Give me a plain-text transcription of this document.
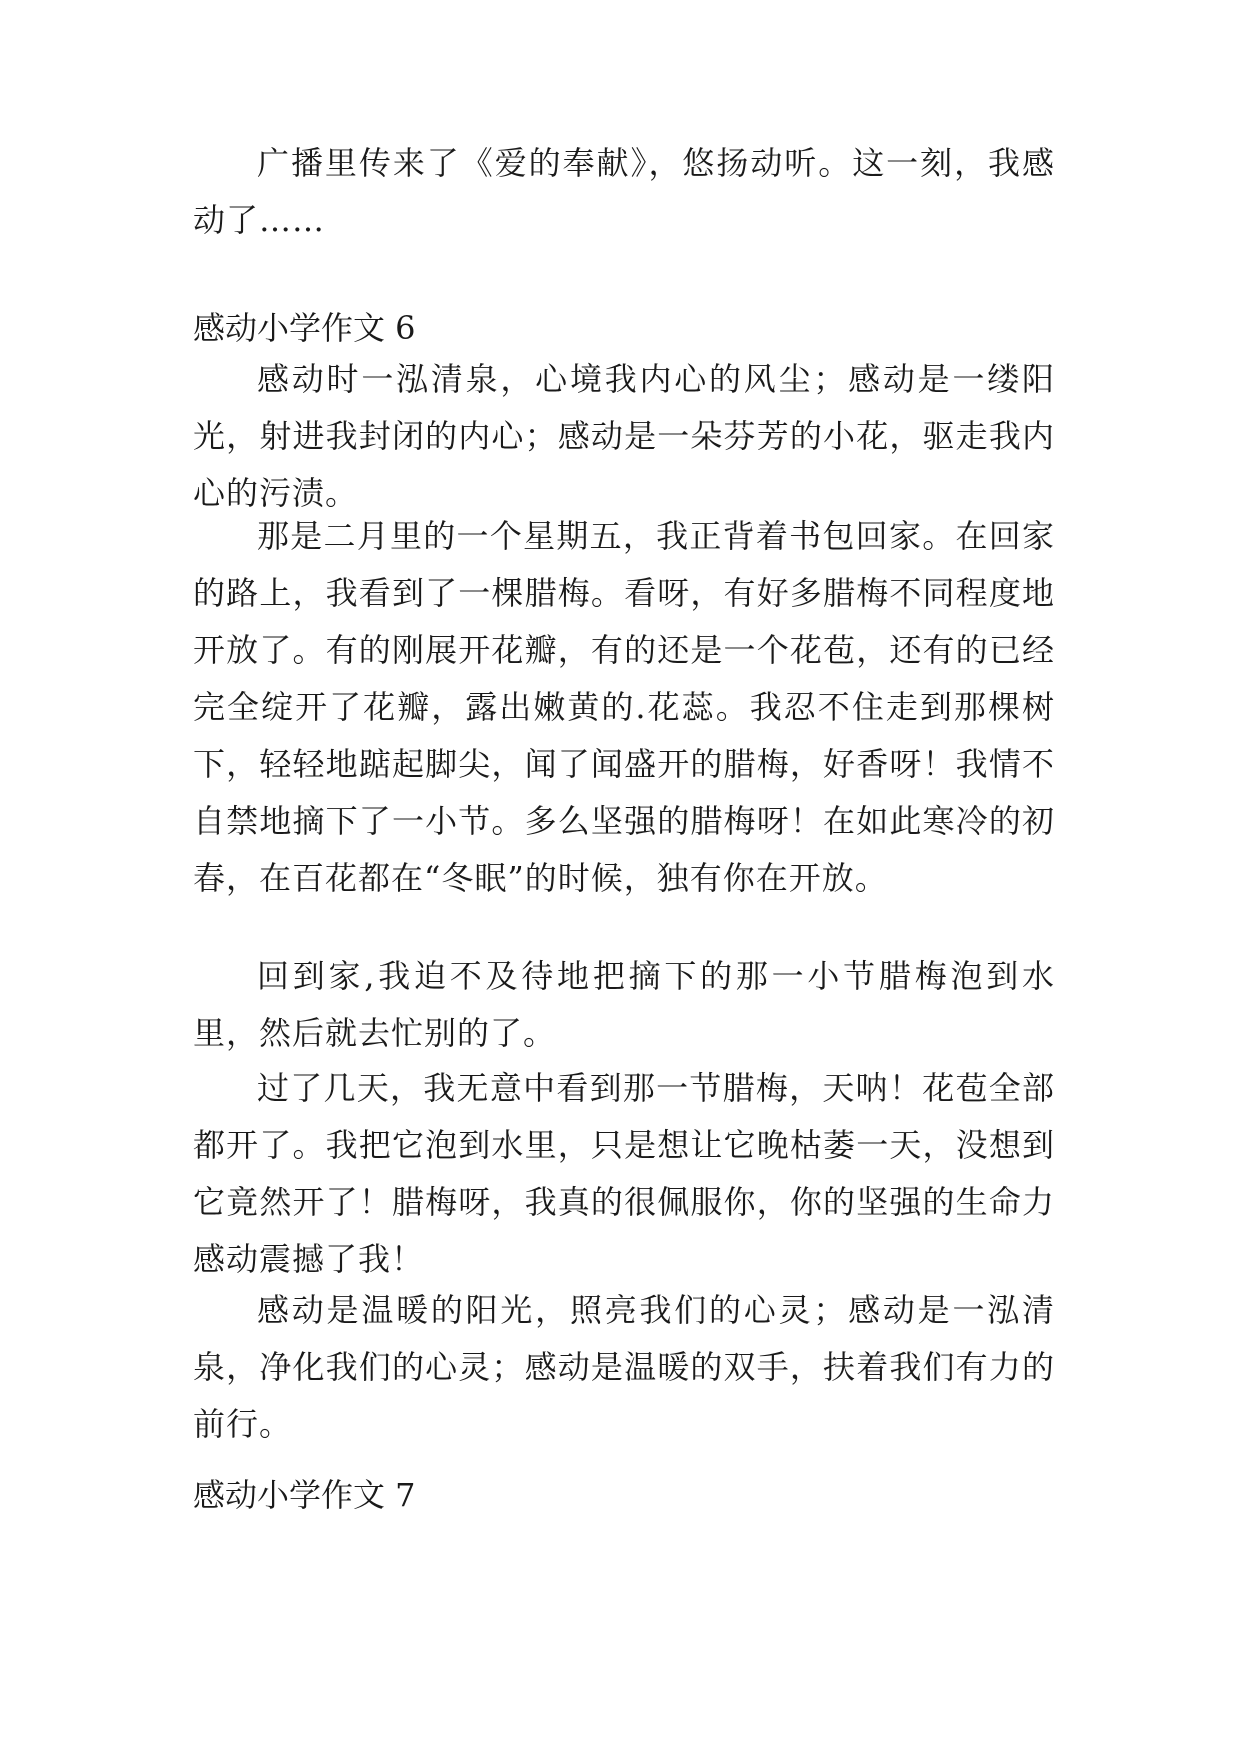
广播里传来了《爱的奉献》，悠扬动听。这一刻，我感动了……

感动小学作文 6

感动时一泓清泉，心境我内心的风尘；感动是一缕阳光，射进我封闭的内心；感动是一朵芬芳的小花，驱走我内心的污渍。

那是二月里的一个星期五，我正背着书包回家。在回家的路上，我看到了一棵腊梅。看呀，有好多腊梅不同程度地开放了。有的刚展开花瓣，有的还是一个花苞，还有的已经完全绽开了花瓣，露出嫩黄的.花蕊。我忍不住走到那棵树下，轻轻地踮起脚尖，闻了闻盛开的腊梅，好香呀！我情不自禁地摘下了一小节。多么坚强的腊梅呀！在如此寒冷的初春，在百花都在“冬眠”的时候，独有你在开放。

回到家,我迫不及待地把摘下的那一小节腊梅泡到水里，然后就去忙别的了。

过了几天，我无意中看到那一节腊梅，天呐！花苞全部都开了。我把它泡到水里，只是想让它晚枯萎一天，没想到它竟然开了！腊梅呀，我真的很佩服你，你的坚强的生命力感动震撼了我！

感动是温暖的阳光，照亮我们的心灵；感动是一泓清泉，净化我们的心灵；感动是温暖的双手，扶着我们有力的前行。

感动小学作文 7
